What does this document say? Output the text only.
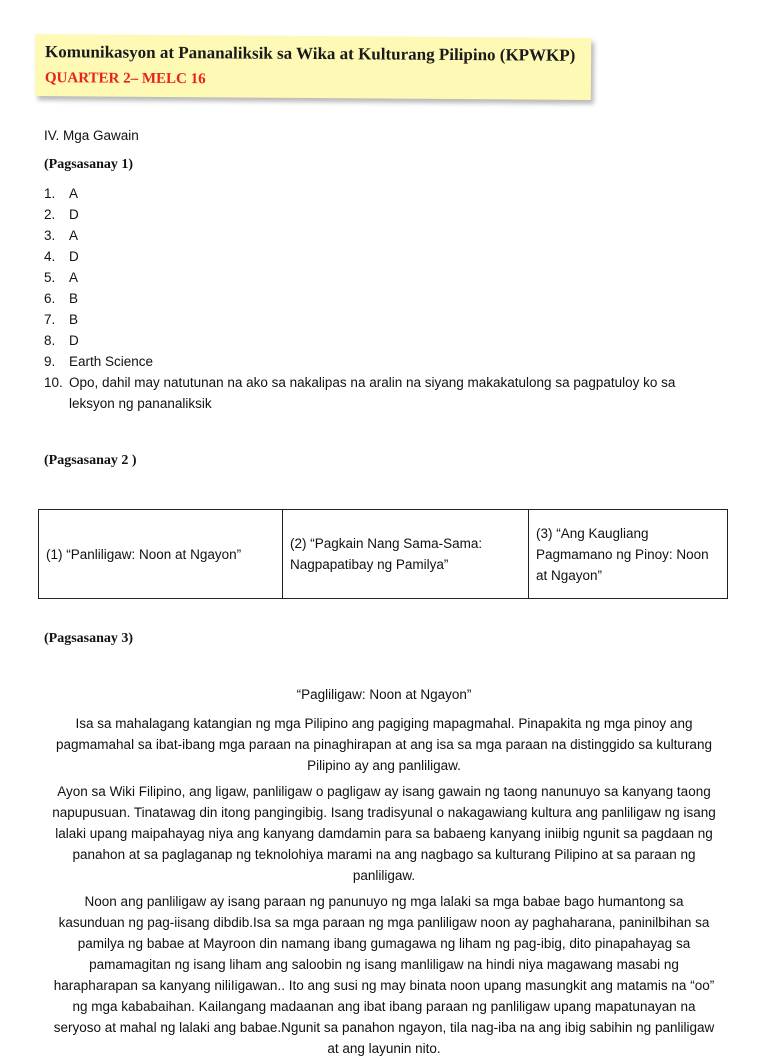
Komunikasyon at Pananaliksik sa Wika at Kulturang Pilipino (KPWKP)
QUARTER 2– MELC 16
IV. Mga Gawain
(Pagsasanay 1)
1. A
2. D
3. A
4. D
5. A
6. B
7. B
8. D
9. Earth Science
10. Opo, dahil may natutunan na ako sa nakalipas na aralin na siyang makakatulong sa pagpatuloy ko sa leksyon ng pananaliksik
(Pagsasanay 2 )
(1) “Panliligaw: Noon at Ngayon”
(2) “Pagkain Nang Sama-Sama: Nagpapatibay ng Pamilya”
(3) “Ang Kaugliang Pagmamano ng Pinoy: Noon at Ngayon”
(Pagsasanay 3)

“Pagliligaw: Noon at Ngayon”

Isa sa mahalagang katangian ng mga Pilipino ang pagiging mapagmahal. Pinapakita ng mga pinoy ang pagmamahal sa ibat-ibang mga paraan na pinaghirapan at ang isa sa mga paraan na distinggido sa kulturang Pilipino ay ang panliligaw.

Ayon sa Wiki Filipino, ang ligaw, panliligaw o pagligaw ay isang gawain ng taong nanunuyo sa kanyang taong napupusuan. Tinatawag din itong pangingibig. Isang tradisyunal o nakagawiang kultura ang panliligaw ng isang lalaki upang maipahayag niya ang kanyang damdamin para sa babaeng kanyang iniibig ngunit sa pagdaan ng panahon at sa paglaganap ng teknolohiya marami na ang nagbago sa kulturang Pilipino at sa paraan ng panliligaw.

Noon ang panliligaw ay isang paraan ng panunuyo ng mga lalaki sa mga babae bago humantong sa kasunduan ng pag-iisang dibdib.Isa sa mga paraan ng mga panliligaw noon ay paghaharana, paninilbihan sa pamilya ng babae at Mayroon din namang ibang gumagawa ng liham ng pag-ibig, dito pinapahayag sa pamamagitan ng isang liham ang saloobin ng isang manliligaw na hindi niya magawang masabi ng harapharapan sa kanyang niliIigawan.. Ito ang susi ng may binata noon upang masungkit ang matamis na “oo” ng mga kababaihan. Kailangang madaanan ang ibat ibang paraan ng panliligaw upang mapatunayan na seryoso at mahal ng lalaki ang babae.Ngunit sa panahon ngayon, tila nag-iba na ang ibig sabihin ng panliligaw at ang layunin nito.
